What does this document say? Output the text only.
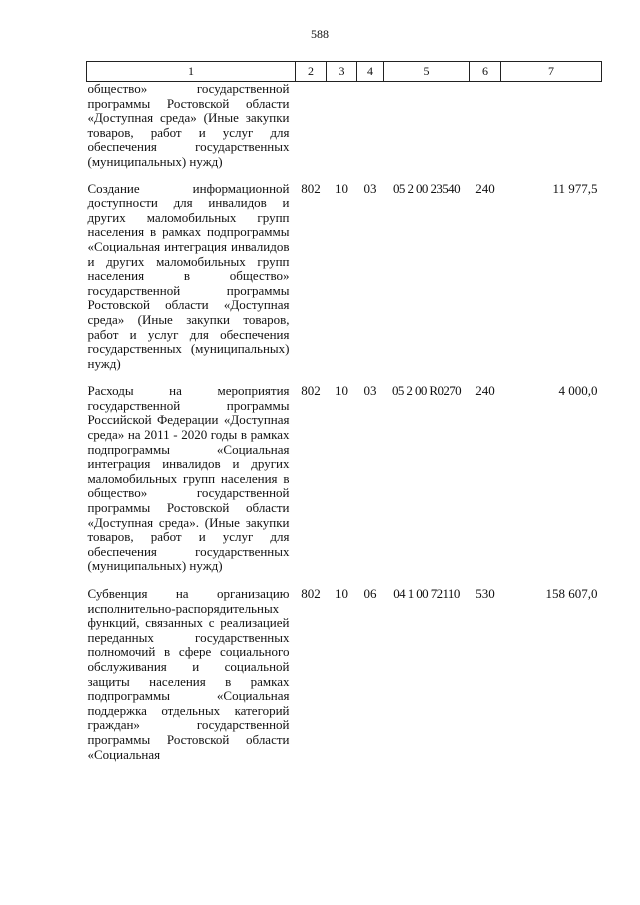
588
1	2	3	4	5	6	7
общество» государственной программы Ростовской области «Доступная среда» (Иные закупки товаров, работ и услуг для обеспечения государственных (муниципальных) нужд)						
Создание информационной доступности для инвалидов и других маломобильных групп населения в рамках подпрограммы «Социальная интеграция инвалидов и других маломобильных групп населения в общество» государственной программы Ростовской области «Доступная среда» (Иные закупки товаров, работ и услуг для обеспечения государственных (муниципальных) нужд)	802	10	03	05 2 00 23540	240	11 977,5
Расходы на мероприятия государственной программы Российской Федерации «Доступная среда» на 2011 - 2020 годы в рамках подпрограммы «Социальная интеграция инвалидов и других маломобильных групп населения в общество» государственной программы Ростовской области «Доступная среда». (Иные закупки товаров, работ и услуг для обеспечения государственных (муниципальных) нужд)	802	10	03	05 2 00 R0270	240	4 000,0
Субвенция на организацию исполнительно-распорядительных функций, связанных с реализацией переданных государственных полномочий в сфере социального обслуживания и социальной защиты населения в рамках подпрограммы «Социальная поддержка отдельных категорий граждан» государственной программы Ростовской области «Социальная	802	10	06	04 1 00 72110	530	158 607,0
